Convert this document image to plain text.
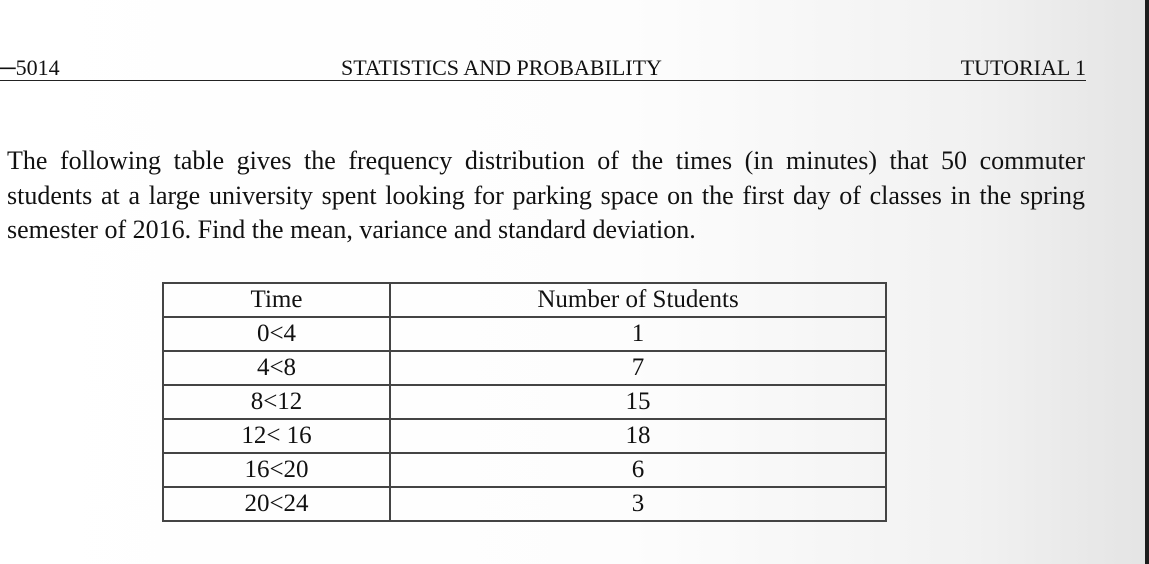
─5014	STATISTICS AND PROBABILITY	TUTORIAL 1

The following table gives the frequency distribution of the times (in minutes) that 50 commuter students at a large university spent looking for parking space on the first day of classes in the spring semester of 2016. Find the mean, variance and standard deviation.

Time	Number of Students
0<4	1
4<8	7
8<12	15
12< 16	18
16<20	6
20<24	3
